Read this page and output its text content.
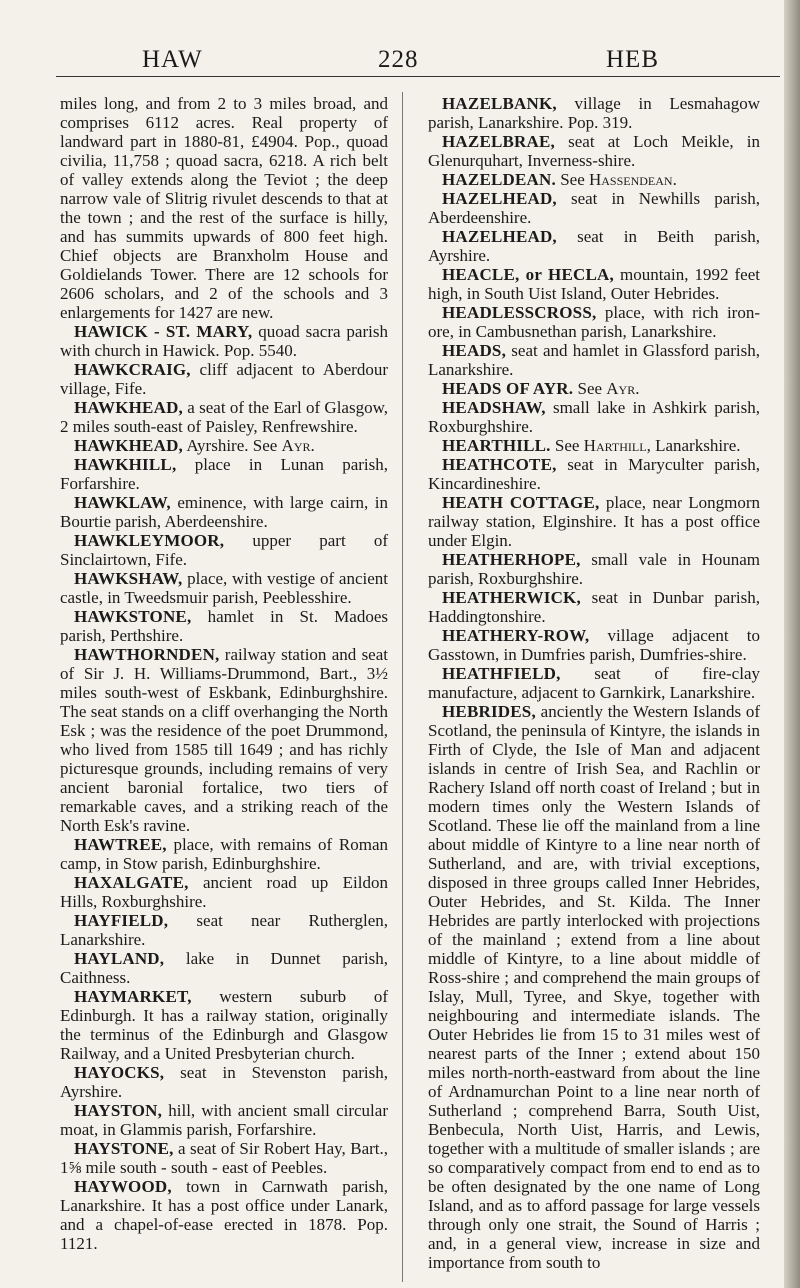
HAW	228	HEB

miles long, and from 2 to 3 miles broad, and comprises 6112 acres. Real property of landward part in 1880-81, £4904. Pop., quoad civilia, 11,758 ; quoad sacra, 6218. A rich belt of valley extends along the Teviot ; the deep narrow vale of Slitrig rivulet descends to that at the town ; and the rest of the surface is hilly, and has summits upwards of 800 feet high. Chief objects are Branxholm House and Goldielands Tower. There are 12 schools for 2606 scholars, and 2 of the schools and 3 enlargements for 1427 are new.

HAWICK - ST. MARY, quoad sacra parish with church in Hawick. Pop. 5540.

HAWKCRAIG, cliff adjacent to Aberdour village, Fife.

HAWKHEAD, a seat of the Earl of Glasgow, 2 miles south-east of Paisley, Renfrewshire.

HAWKHEAD, Ayrshire. See Ayr.

HAWKHILL, place in Lunan parish, Forfarshire.

HAWKLAW, eminence, with large cairn, in Bourtie parish, Aberdeenshire.

HAWKLEYMOOR, upper part of Sinclairtown, Fife.

HAWKSHAW, place, with vestige of ancient castle, in Tweedsmuir parish, Peeblesshire.

HAWKSTONE, hamlet in St. Madoes parish, Perthshire.

HAWTHORNDEN, railway station and seat of Sir J. H. Williams-Drummond, Bart., 3½ miles south-west of Eskbank, Edinburghshire. The seat stands on a cliff overhanging the North Esk ; was the residence of the poet Drummond, who lived from 1585 till 1649 ; and has richly picturesque grounds, including remains of very ancient baronial fortalice, two tiers of remarkable caves, and a striking reach of the North Esk's ravine.

HAWTREE, place, with remains of Roman camp, in Stow parish, Edinburghshire.

HAXALGATE, ancient road up Eildon Hills, Roxburghshire.

HAYFIELD, seat near Rutherglen, Lanarkshire.

HAYLAND, lake in Dunnet parish, Caithness.

HAYMARKET, western suburb of Edinburgh. It has a railway station, originally the terminus of the Edinburgh and Glasgow Railway, and a United Presbyterian church.

HAYOCKS, seat in Stevenston parish, Ayrshire.

HAYSTON, hill, with ancient small circular moat, in Glammis parish, Forfarshire.

HAYSTONE, a seat of Sir Robert Hay, Bart., 1⅝ mile south - south - east of Peebles.

HAYWOOD, town in Carnwath parish, Lanarkshire. It has a post office under Lanark, and a chapel-of-ease erected in 1878. Pop. 1121.

HAZELBANK, village in Lesmahagow parish, Lanarkshire. Pop. 319.

HAZELBRAE, seat at Loch Meikle, in Glenurquhart, Inverness-shire.

HAZELDEAN. See Hassendean.

HAZELHEAD, seat in Newhills parish, Aberdeenshire.

HAZELHEAD, seat in Beith parish, Ayrshire.

HEACLE, or HECLA, mountain, 1992 feet high, in South Uist Island, Outer Hebrides.

HEADLESSCROSS, place, with rich iron-ore, in Cambusnethan parish, Lanarkshire.

HEADS, seat and hamlet in Glassford parish, Lanarkshire.

HEADS OF AYR. See Ayr.

HEADSHAW, small lake in Ashkirk parish, Roxburghshire.

HEARTHILL. See Harthill, Lanarkshire.

HEATHCOTE, seat in Maryculter parish, Kincardineshire.

HEATH COTTAGE, place, near Longmorn railway station, Elginshire. It has a post office under Elgin.

HEATHERHOPE, small vale in Hounam parish, Roxburghshire.

HEATHERWICK, seat in Dunbar parish, Haddingtonshire.

HEATHERY-ROW, village adjacent to Gasstown, in Dumfries parish, Dumfries-shire.

HEATHFIELD, seat of fire-clay manufacture, adjacent to Garnkirk, Lanarkshire.

HEBRIDES, anciently the Western Islands of Scotland, the peninsula of Kintyre, the islands in Firth of Clyde, the Isle of Man and adjacent islands in centre of Irish Sea, and Rachlin or Rachery Island off north coast of Ireland ; but in modern times only the Western Islands of Scotland. These lie off the mainland from a line about middle of Kintyre to a line near north of Sutherland, and are, with trivial exceptions, disposed in three groups called Inner Hebrides, Outer Hebrides, and St. Kilda. The Inner Hebrides are partly interlocked with projections of the mainland ; extend from a line about middle of Kintyre, to a line about middle of Ross-shire ; and comprehend the main groups of Islay, Mull, Tyree, and Skye, together with neighbouring and intermediate islands. The Outer Hebrides lie from 15 to 31 miles west of nearest parts of the Inner ; extend about 150 miles north-north-eastward from about the line of Ardnamurchan Point to a line near north of Sutherland ; comprehend Barra, South Uist, Benbecula, North Uist, Harris, and Lewis, together with a multitude of smaller islands ; are so comparatively compact from end to end as to be often designated by the one name of Long Island, and as to afford passage for large vessels through only one strait, the Sound of Harris ; and, in a general view, increase in size and importance from south to
